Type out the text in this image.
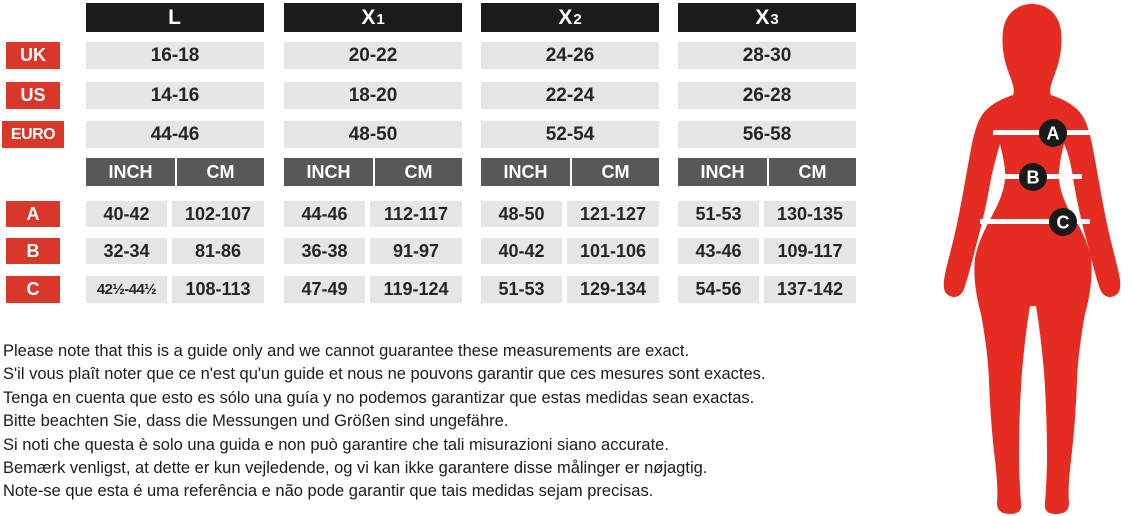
L	X 1	X 2	X 3
UK	16-18	20-22	24-26	28-30
US	14-16	18-20	22-24	26-28
EURO	44-46	48-50	52-54	56-58
INCH	CM	INCH	CM	INCH	CM	INCH	CM
A	40-42	102-107	44-46	112-117	48-50	121-127	51-53	130-135
B	32-34	81-86	36-38	91-97	40-42	101-106	43-46	109-117
C	42½-44½	108-113	47-49	119-124	51-53	129-134	54-56	137-142
A
B
C

Please note that this is a guide only and we cannot guarantee these measurements are exact.

S'il vous plaît noter que ce n'est qu'un guide et nous ne pouvons garantir que ces mesures sont exactes.

Tenga en cuenta que esto es sólo una guía y no podemos garantizar que estas medidas sean exactas.

Bitte beachten Sie, dass die Messungen und Größen sind ungefähre.

Si noti che questa è solo una guida e non può garantire che tali misurazioni siano accurate.

Bemærk venligst, at dette er kun vejledende, og vi kan ikke garantere disse målinger er nøjagtig.

Note-se que esta é uma referência e não pode garantir que tais medidas sejam precisas.
